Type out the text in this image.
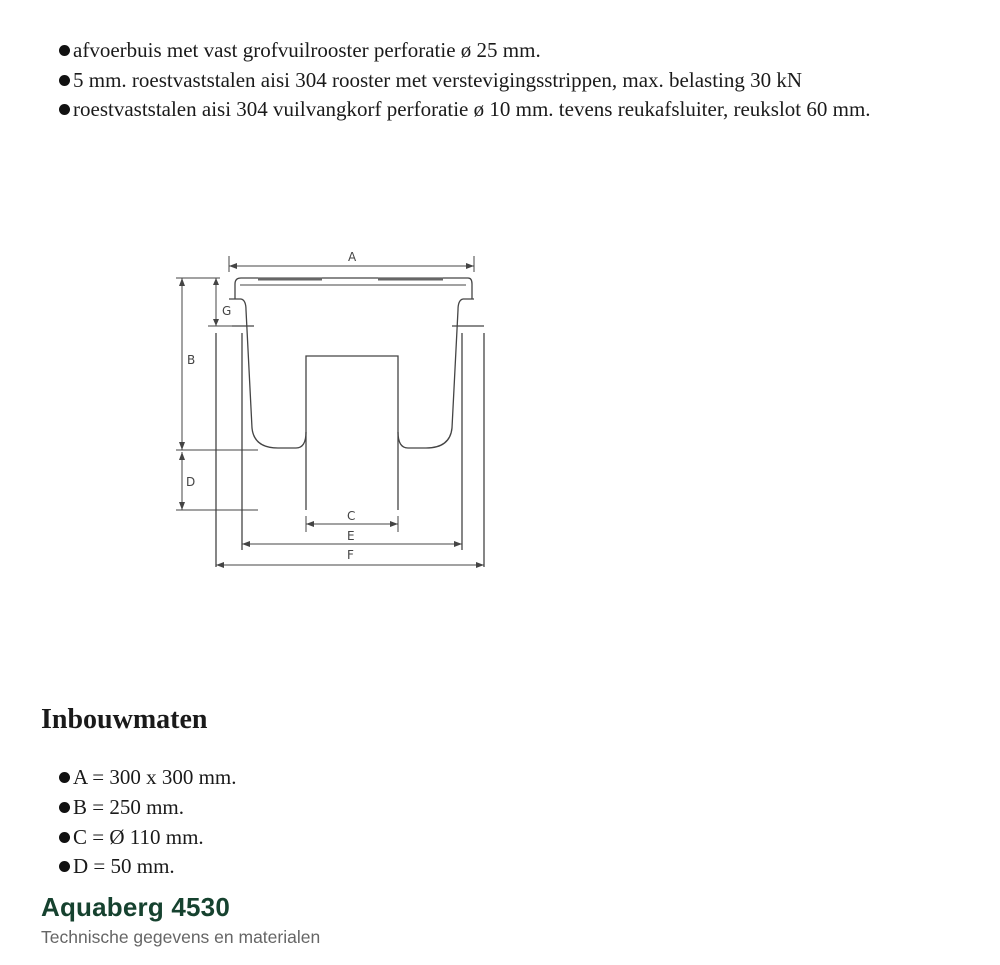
afvoerbuis met vast grofvuilrooster perforatie ø 25 mm.
5 mm. roestvaststalen aisi 304 rooster met verstevigingsstrippen, max. belasting 30 kN
roestvaststalen aisi 304 vuilvangkorf perforatie ø 10 mm. tevens reukafsluiter, reukslot 60 mm.
A
B
D
G
C
E
F
Inbouwmaten
A = 300 x 300 mm.
B = 250 mm.
C = Ø 110 mm.
D = 50 mm.
Aquaberg 4530
Technische gegevens en materialen
